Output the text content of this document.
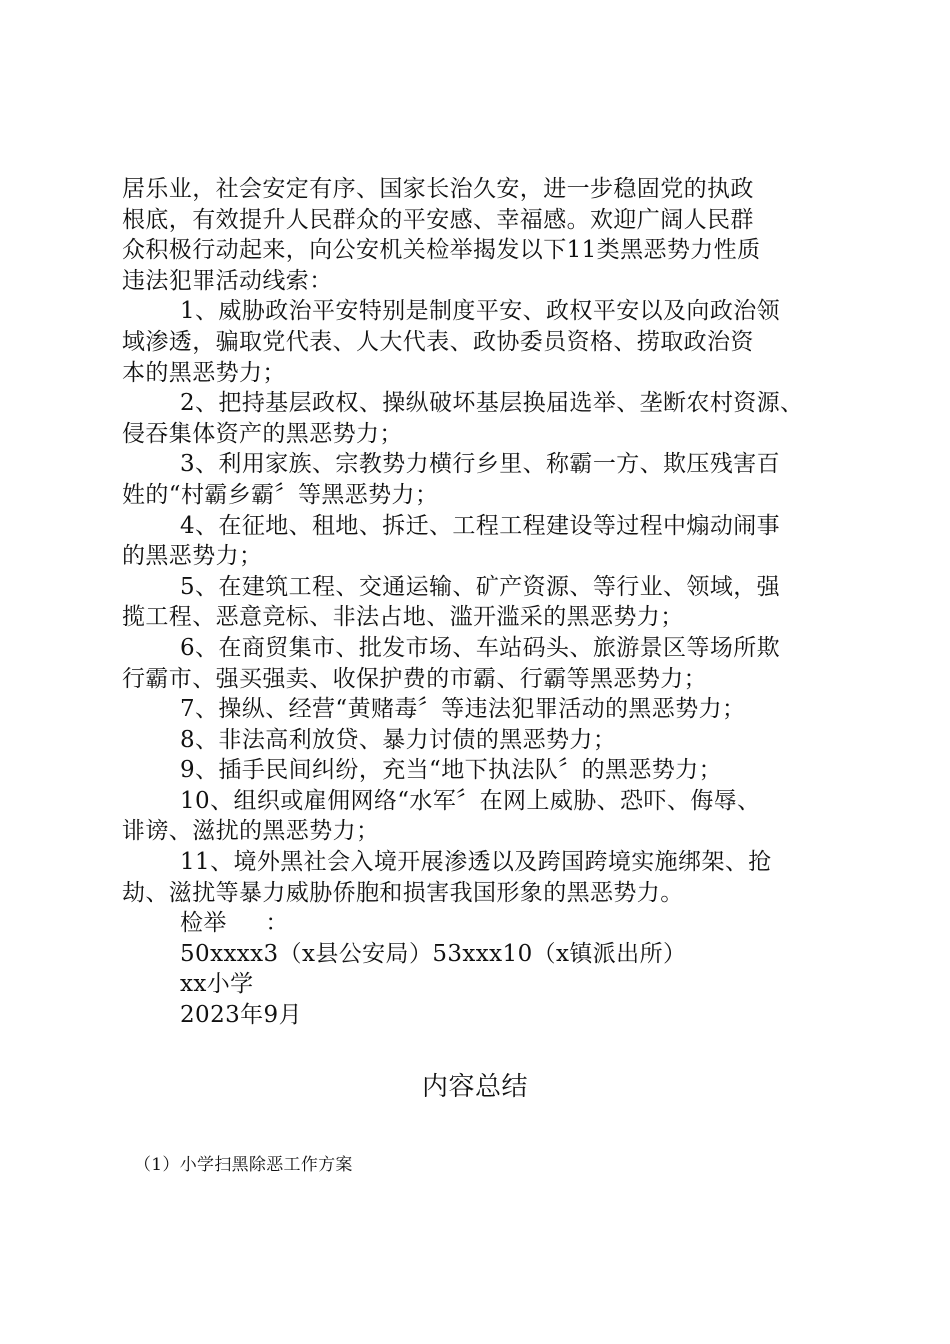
居乐业，社会安定有序、国家长治久安，进一步稳固党的执政

根底，有效提升人民群众的平安感、幸福感。欢迎广阔人民群

众积极行动起来，向公安机关检举揭发以下11类黑恶势力性质

违法犯罪活动线索：

1、威胁政治平安特别是制度平安、政权平安以及向政治领

域渗透，骗取党代表、人大代表、政协委员资格、捞取政治资

本的黑恶势力；

2、把持基层政权、操纵破坏基层换届选举、垄断农村资源、

侵吞集体资产的黑恶势力；

3、利用家族、宗教势力横行乡里、称霸一方、欺压残害百

姓的“村霸乡霸〞等黑恶势力；

4、在征地、租地、拆迁、工程工程建设等过程中煽动闹事

的黑恶势力；

5、在建筑工程、交通运输、矿产资源、等行业、领域，强

揽工程、恶意竞标、非法占地、滥开滥采的黑恶势力；

6、在商贸集市、批发市场、车站码头、旅游景区等场所欺

行霸市、强买强卖、收保护费的市霸、行霸等黑恶势力；

7、操纵、经营“黄赌毒〞等违法犯罪活动的黑恶势力；

8、非法高利放贷、暴力讨债的黑恶势力；

9、插手民间纠纷，充当“地下执法队〞的黑恶势力；

10、组织或雇佣网络“水军〞在网上威胁、恐吓、侮辱、

诽谤、滋扰的黑恶势力；

11、境外黑社会入境开展渗透以及跨国跨境实施绑架、抢

劫、滋扰等暴力威胁侨胞和损害我国形象的黑恶势力。

检举     ：

50xxxx3（x县公安局）53xxx10（x镇派出所）

xx小学

2023年9月

内容总结

（1）小学扫黑除恶工作方案
